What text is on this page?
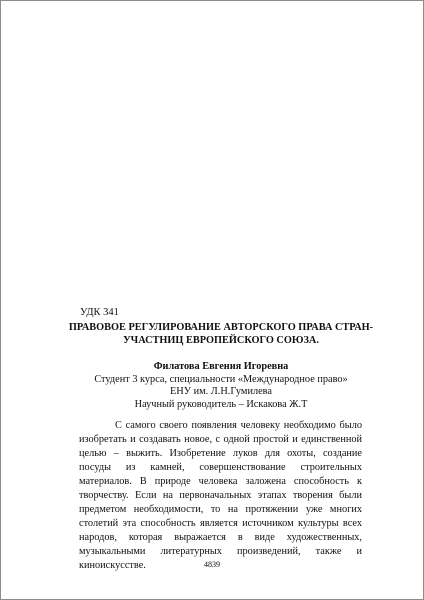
УДК 341
ПРАВОВОЕ РЕГУЛИРОВАНИЕ АВТОРСКОГО ПРАВА СТРАН-
УЧАСТНИЦ ЕВРОПЕЙСКОГО СОЮЗА.
Филатова Евгения Игоревна
Студент 3 курса, специальности «Международное право»
ЕНУ им. Л.Н.Гумилева
Научный руководитель – Искакова Ж.Т

С самого своего появления человеку необходимо было изобретать и создавать новое, с одной простой и единственной целью – выжить. Изобретение луков для охоты, создание посуды из камней, совершенствование строительных материалов. В природе человека заложена способность к творчеству. Если на первоначальных этапах творения были предметом необходимости, то на протяжении уже многих столетий эта способность является источником культуры всех народов, которая выражается в виде художественных, музыкальными литературных произведений, также и киноискусстве.	4839
